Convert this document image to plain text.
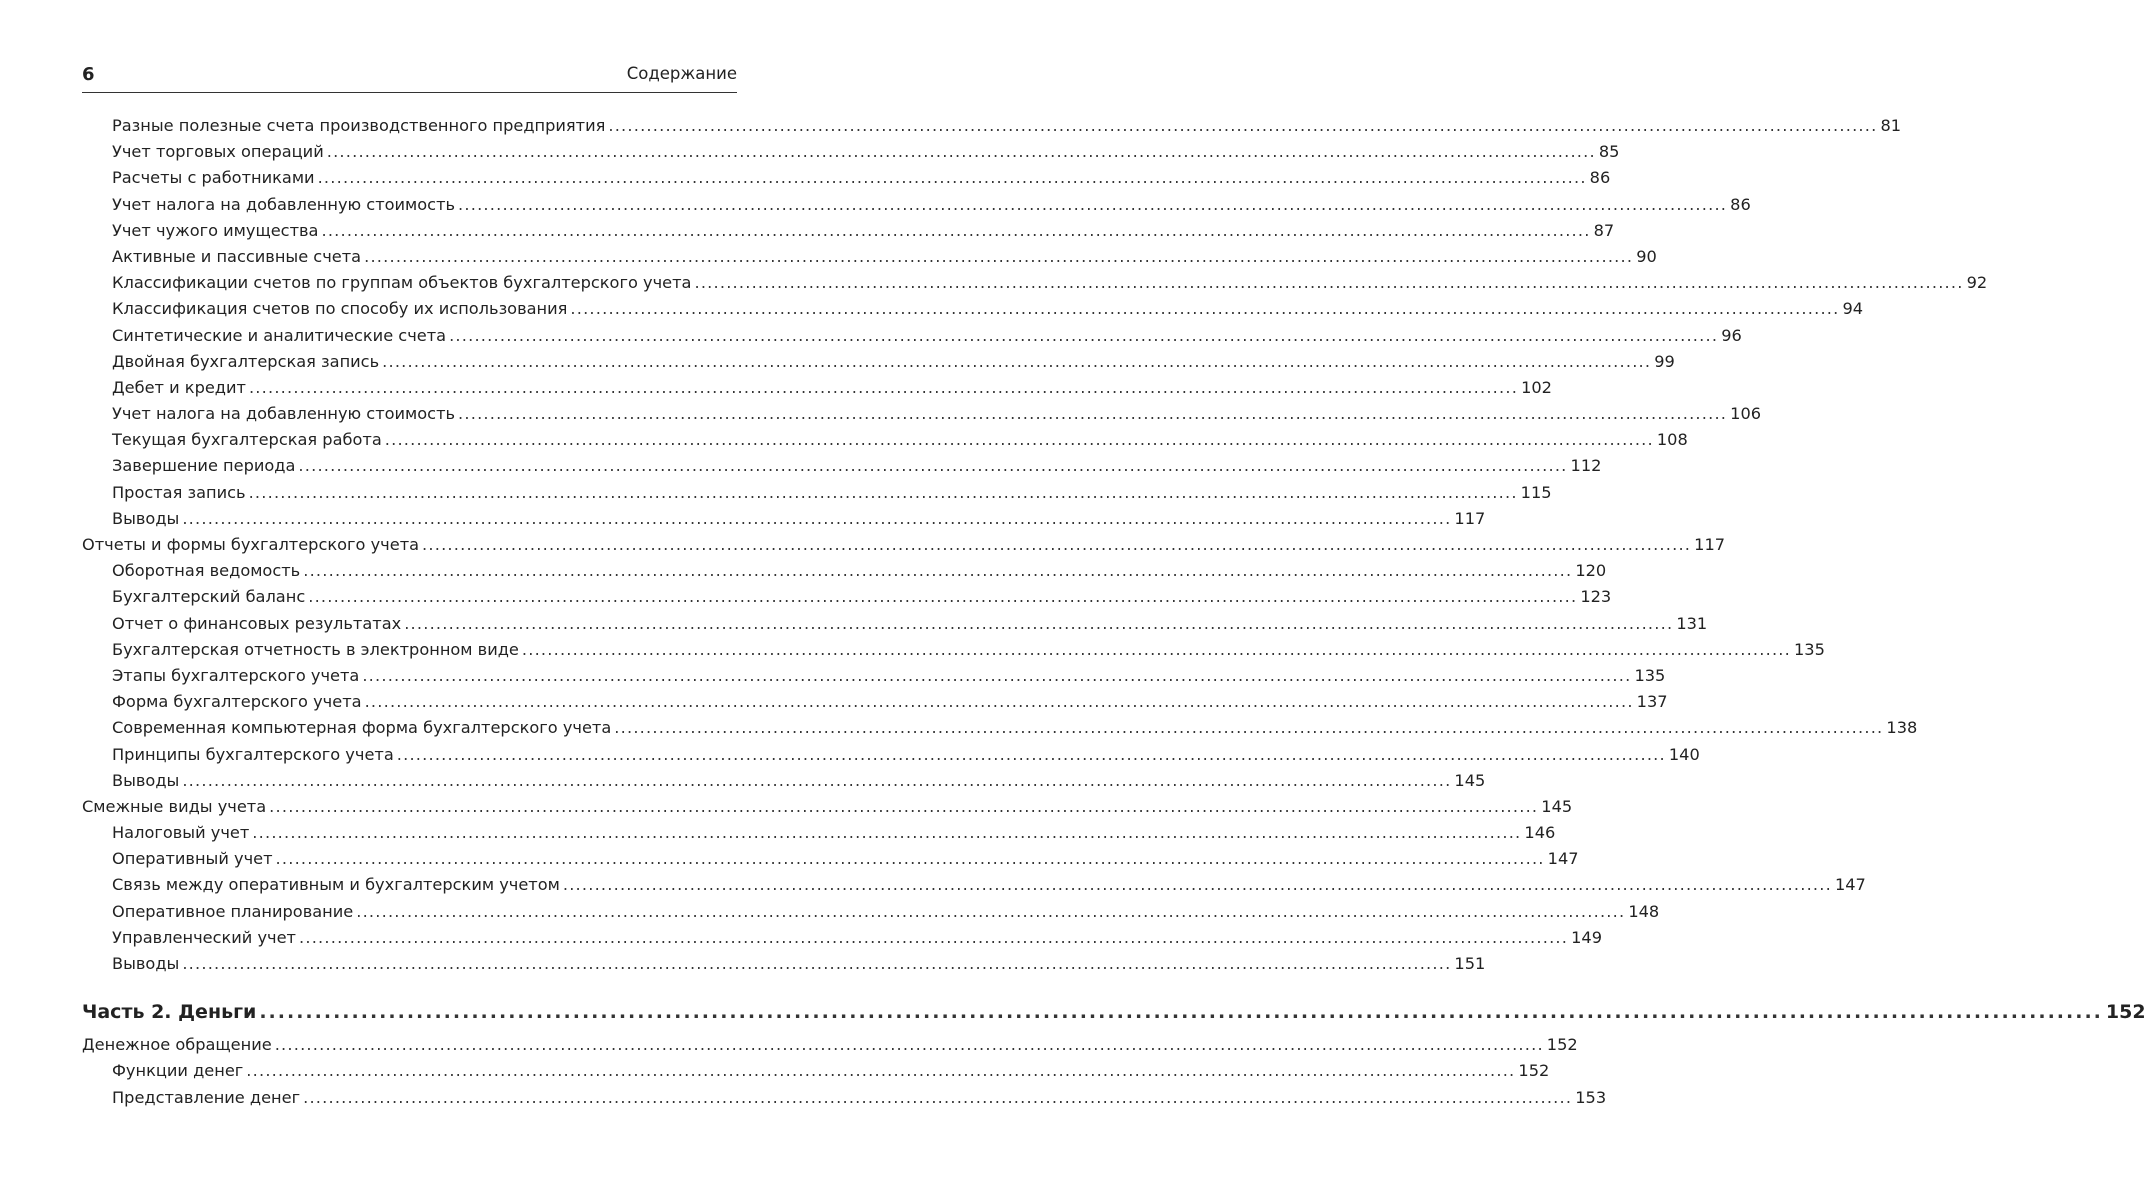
6	Содержание
Разные полезные счета производственного предприятия ........................................................................................................................................................................................................ 81
Учет торговых операций ........................................................................................................................................................................................................ 85
Расчеты с работниками ........................................................................................................................................................................................................ 86
Учет налога на добавленную стоимость ........................................................................................................................................................................................................ 86
Учет чужого имущества ........................................................................................................................................................................................................ 87
Активные и пассивные счета ........................................................................................................................................................................................................ 90
Классификации счетов по группам объектов бухгалтерского учета ........................................................................................................................................................................................................ 92
Классификация счетов по способу их использования ........................................................................................................................................................................................................ 94
Синтетические и аналитические счета ........................................................................................................................................................................................................ 96
Двойная бухгалтерская запись ........................................................................................................................................................................................................ 99
Дебет и кредит ........................................................................................................................................................................................................ 102
Учет налога на добавленную стоимость ........................................................................................................................................................................................................ 106
Текущая бухгалтерская работа ........................................................................................................................................................................................................ 108
Завершение периода ........................................................................................................................................................................................................ 112
Простая запись ........................................................................................................................................................................................................ 115
Выводы ........................................................................................................................................................................................................ 117
Отчеты и формы бухгалтерского учета ........................................................................................................................................................................................................ 117
Оборотная ведомость ........................................................................................................................................................................................................ 120
Бухгалтерский баланс ........................................................................................................................................................................................................ 123
Отчет о финансовых результатах ........................................................................................................................................................................................................ 131
Бухгалтерская отчетность в электронном виде ........................................................................................................................................................................................................ 135
Этапы бухгалтерского учета ........................................................................................................................................................................................................ 135
Форма бухгалтерского учета ........................................................................................................................................................................................................ 137
Современная компьютерная форма бухгалтерского учета ........................................................................................................................................................................................................ 138
Принципы бухгалтерского учета ........................................................................................................................................................................................................ 140
Выводы ........................................................................................................................................................................................................ 145
Смежные виды учета ........................................................................................................................................................................................................ 145
Налоговый учет ........................................................................................................................................................................................................ 146
Оперативный учет ........................................................................................................................................................................................................ 147
Связь между оперативным и бухгалтерским учетом ........................................................................................................................................................................................................ 147
Оперативное планирование ........................................................................................................................................................................................................ 148
Управленческий учет ........................................................................................................................................................................................................ 149
Выводы ........................................................................................................................................................................................................ 151
Часть 2. Деньги ........................................................................................................................................................................................................ 152
Денежное обращение ........................................................................................................................................................................................................ 152
Функции денег ........................................................................................................................................................................................................ 152
Представление денег ........................................................................................................................................................................................................ 153
